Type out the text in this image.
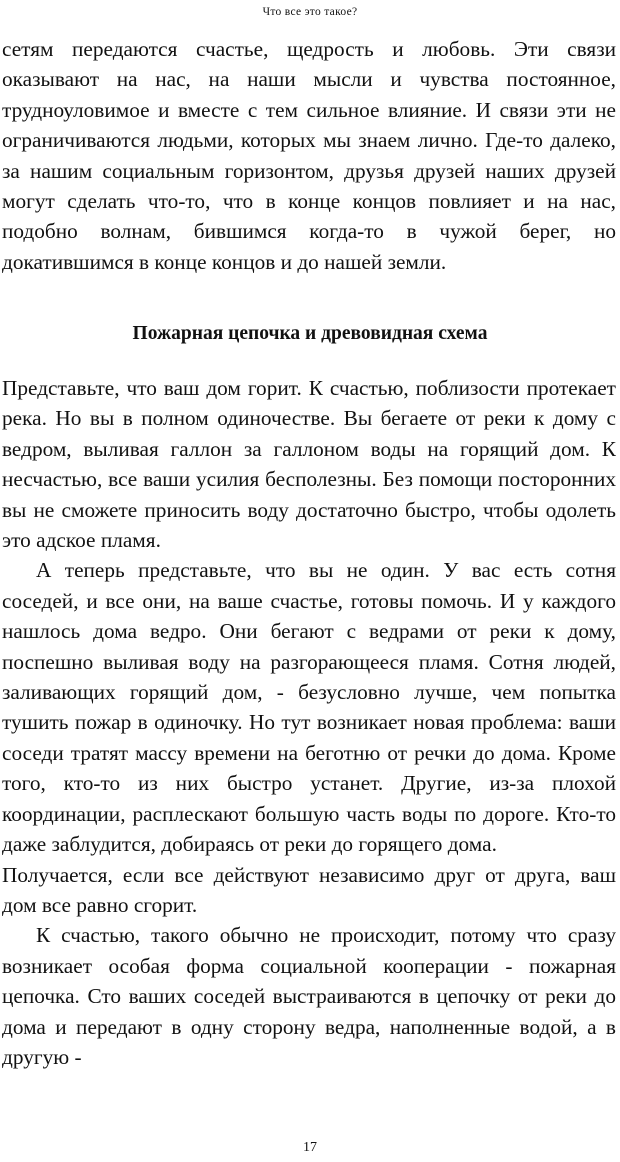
Что все это такое?

сетям передаются счастье, щедрость и любовь. Эти связи оказывают на нас, на наши мысли и чувства постоянное, трудноуловимое и вместе с тем сильное влияние. И связи эти не ограничиваются людьми, которых мы знаем лично. Где-то далеко, за нашим социальным горизонтом, друзья друзей наших друзей могут сделать что-то, что в конце концов повлияет и на нас, подобно волнам, бившимся когда-то в чужой берег, но докатившимся в конце концов и до нашей земли.

Пожарная цепочка и древовидная схема

Представьте, что ваш дом горит. К счастью, поблизости протекает река. Но вы в полном одиночестве. Вы бегаете от реки к дому с ведром, выливая галлон за галлоном воды на горящий дом. К несчастью, все ваши усилия бесполезны. Без помощи посторонних вы не сможете приносить воду достаточно быстро, чтобы одолеть это адское пламя.

А теперь представьте, что вы не один. У вас есть сотня соседей, и все они, на ваше счастье, готовы помочь. И у каждого нашлось дома ведро. Они бегают с ведрами от реки к дому, поспешно выливая воду на разгорающееся пламя. Сотня людей, заливающих горящий дом, - безусловно лучше, чем попытка тушить пожар в одиночку. Но тут возникает новая проблема: ваши соседи тратят массу времени на беготню от речки до дома. Кроме того, кто-то из них быстро устанет. Другие, из-за плохой координации, расплескают большую часть воды по дороге. Кто-то даже заблудится, добираясь от реки до горящего дома.

Получается, если все действуют независимо друг от друга, ваш дом все равно сгорит.

К счастью, такого обычно не происходит, потому что сразу возникает особая форма социальной кооперации - пожарная цепочка. Сто ваших соседей выстраиваются в цепочку от реки до дома и передают в одну сторону ведра, наполненные водой, а в другую -

17
